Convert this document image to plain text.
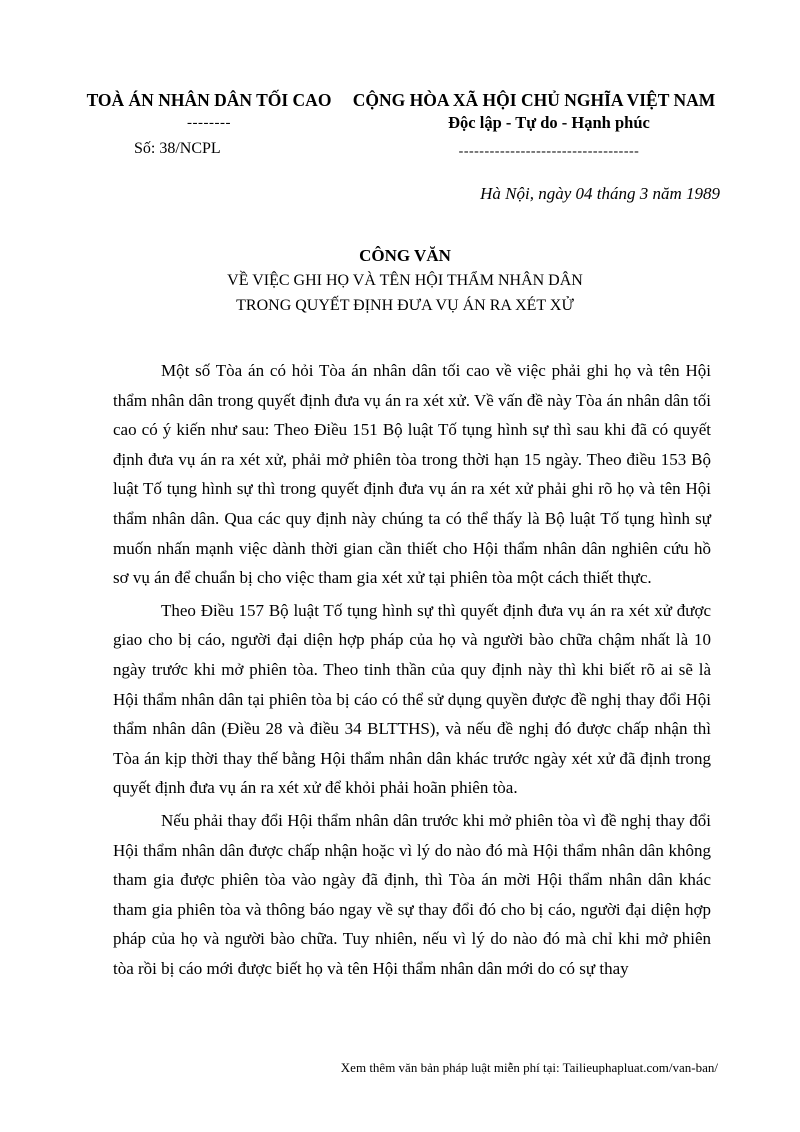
TOÀ ÁN NHÂN DÂN TỐI CAO
--------
Số: 38/NCPL
CỘNG HÒA XÃ HỘI CHỦ NGHĨA VIỆT NAM
Độc lập - Tự do - Hạnh phúc
-----------------------------------
Hà Nội, ngày 04 tháng 3 năm 1989
CÔNG VĂN
VỀ VIỆC GHI HỌ VÀ TÊN HỘI THẨM NHÂN DÂN
TRONG QUYẾT ĐỊNH ĐƯA VỤ ÁN RA XÉT XỬ

Một số Tòa án có hỏi Tòa án nhân dân tối cao về việc phải ghi họ và tên Hội thẩm nhân dân trong quyết định đưa vụ án ra xét xử. Về vấn đề này Tòa án nhân dân tối cao có ý kiến như sau: Theo Điều 151 Bộ luật Tố tụng hình sự thì sau khi đã có quyết định đưa vụ án ra xét xử, phải mở phiên tòa trong thời hạn 15 ngày. Theo điều 153 Bộ luật Tố tụng hình sự thì trong quyết định đưa vụ án ra xét xử phải ghi rõ họ và tên Hội thẩm nhân dân. Qua các quy định này chúng ta có thể thấy là Bộ luật Tố tụng hình sự muốn nhấn mạnh việc dành thời gian cần thiết cho Hội thẩm nhân dân nghiên cứu hồ sơ vụ án để chuẩn bị cho việc tham gia xét xử tại phiên tòa một cách thiết thực.

Theo Điều 157 Bộ luật Tố tụng hình sự thì quyết định đưa vụ án ra xét xử được giao cho bị cáo, người đại diện hợp pháp của họ và người bào chữa chậm nhất là 10 ngày trước khi mở phiên tòa. Theo tinh thần của quy định này thì khi biết rõ ai sẽ là Hội thẩm nhân dân tại phiên tòa bị cáo có thể sử dụng quyền được đề nghị thay đổi Hội thẩm nhân dân (Điều 28 và điều 34 BLTTHS), và nếu đề nghị đó được chấp nhận thì Tòa án kịp thời thay thế bằng Hội thẩm nhân dân khác trước ngày xét xử đã định trong quyết định đưa vụ án ra xét xử để khỏi phải hoãn phiên tòa.

Nếu phải thay đổi Hội thẩm nhân dân trước khi mở phiên tòa vì đề nghị thay đổi Hội thẩm nhân dân được chấp nhận hoặc vì lý do nào đó mà Hội thẩm nhân dân không tham gia được phiên tòa vào ngày đã định, thì Tòa án mời Hội thẩm nhân dân khác tham gia phiên tòa và thông báo ngay về sự thay đổi đó cho bị cáo, người đại diện hợp pháp của họ và người bào chữa. Tuy nhiên, nếu vì lý do nào đó mà chỉ khi mở phiên tòa rồi bị cáo mới được biết họ và tên Hội thẩm nhân dân mới do có sự thay

Xem thêm văn bản pháp luật miễn phí tại: Tailieuphapluat.com/van-ban/
